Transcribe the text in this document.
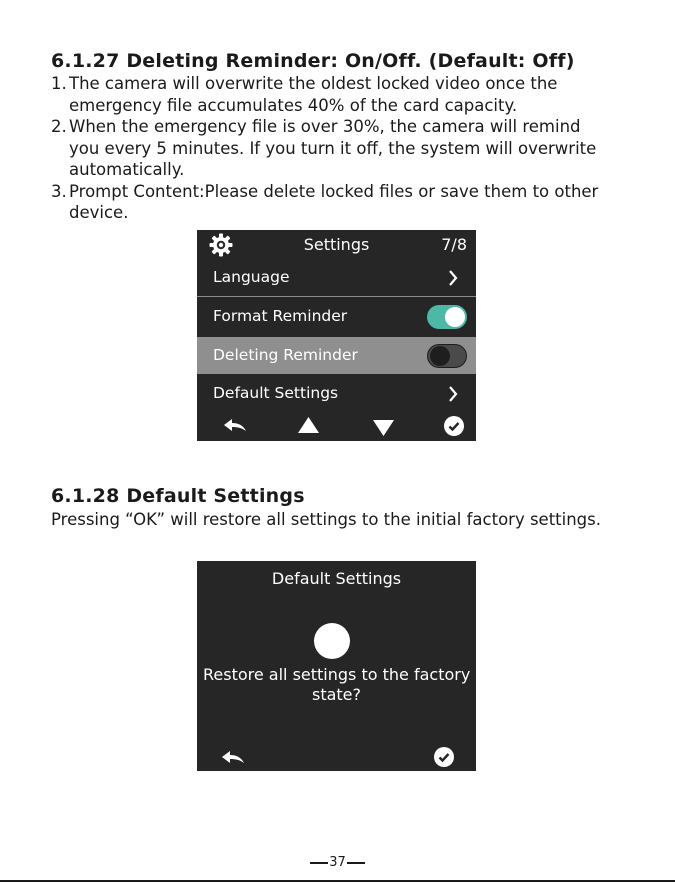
6.1.27 Deleting Reminder: On/Off. (Default: Off)
1. The camera will overwrite the oldest locked video once the
emergency file accumulates 40% of the card capacity.
2. When the emergency file is over 30%, the camera will remind
you every 5 minutes. If you turn it off, the system will overwrite
automatically.
3. Prompt Content:Please delete locked files or save them to other
device.
Settings	7/8
Language
Format Reminder
Deleting Reminder
Default Settings
6.1.28 Default Settings

Pressing “OK” will restore all settings to the initial factory settings.

Default Settings
Restore all settings to the factory
state?
37
